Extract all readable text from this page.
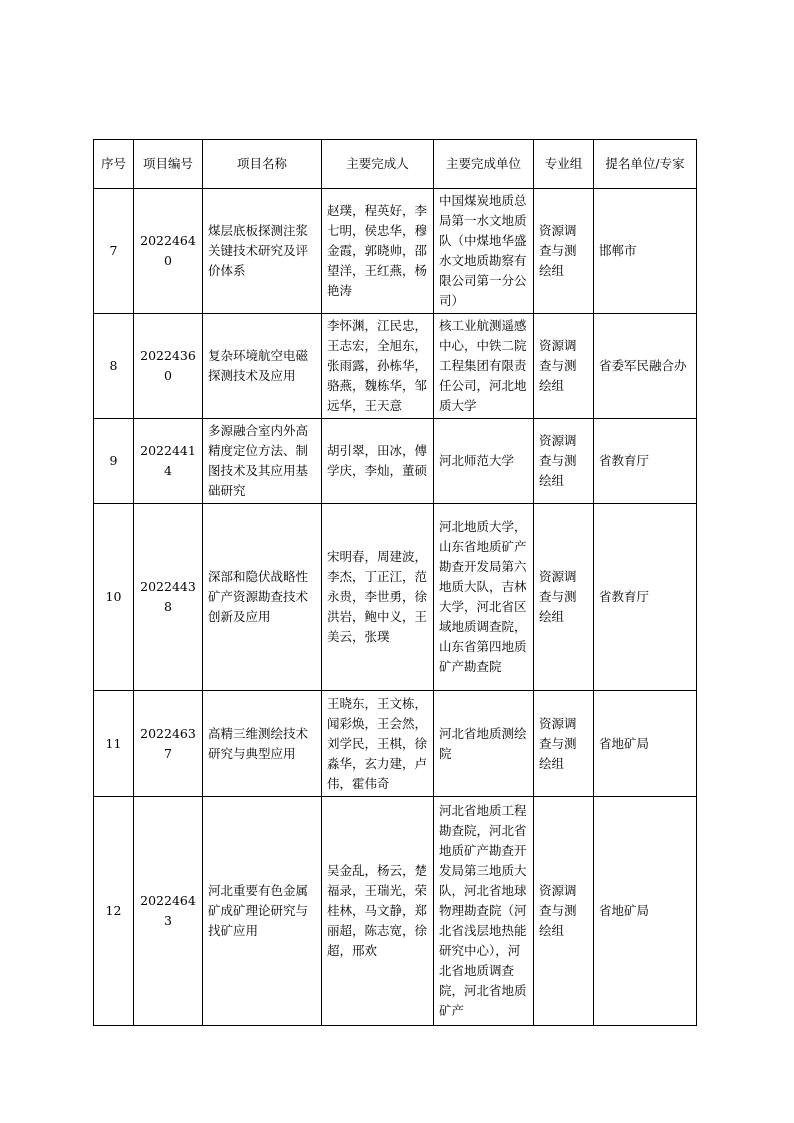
序号	项目编号	项目名称	主要完成人	主要完成单位	专业组	提名单位/专家
7	20224640	煤层底板探测注浆关键技术研究及评价体系	赵璞，程英好，李七明，侯忠华，穆金霞，郭晓帅，邵望洋，王红燕，杨艳涛	中国煤炭地质总局第一水文地质队（中煤地华盛水文地质勘察有限公司第一分公司）	资源调查与测绘组	邯郸市
8	20224360	复杂环境航空电磁探测技术及应用	李怀渊，江民忠，王志宏，全旭东，张雨露，孙栋华，骆燕，魏栋华，邹远华，王天意	核工业航测遥感中心，中铁二院工程集团有限责任公司，河北地质大学	资源调查与测绘组	省委军民融合办
9	20224414	多源融合室内外高精度定位方法、制图技术及其应用基础研究	胡引翠，田冰，傅学庆，李灿，董硕	河北师范大学	资源调查与测绘组	省教育厅
10	20224438	深部和隐伏战略性矿产资源勘查技术创新及应用	宋明春，周建波，李杰，丁正江，范永贵，李世勇，徐洪岩，鲍中义，王美云，张璞	河北地质大学，山东省地质矿产勘查开发局第六地质大队，吉林大学，河北省区域地质调查院，山东省第四地质矿产勘查院	资源调查与测绘组	省教育厅
11	20224637	高精三维测绘技术研究与典型应用	王晓东，王文栋，闻彩焕，王会然，刘学民，王棋，徐淼华，玄力建，卢伟，霍伟奇	河北省地质测绘院	资源调查与测绘组	省地矿局
12	20224643	河北重要有色金属矿成矿理论研究与找矿应用	吴金乱，杨云，楚福录，王瑞光，荣桂林，马文静，郑丽超，陈志宽，徐超，邢欢	河北省地质工程勘查院，河北省地质矿产勘查开发局第三地质大队，河北省地球物理勘查院（河北省浅层地热能研究中心），河北省地质调查院，河北省地质矿产	资源调查与测绘组	省地矿局
